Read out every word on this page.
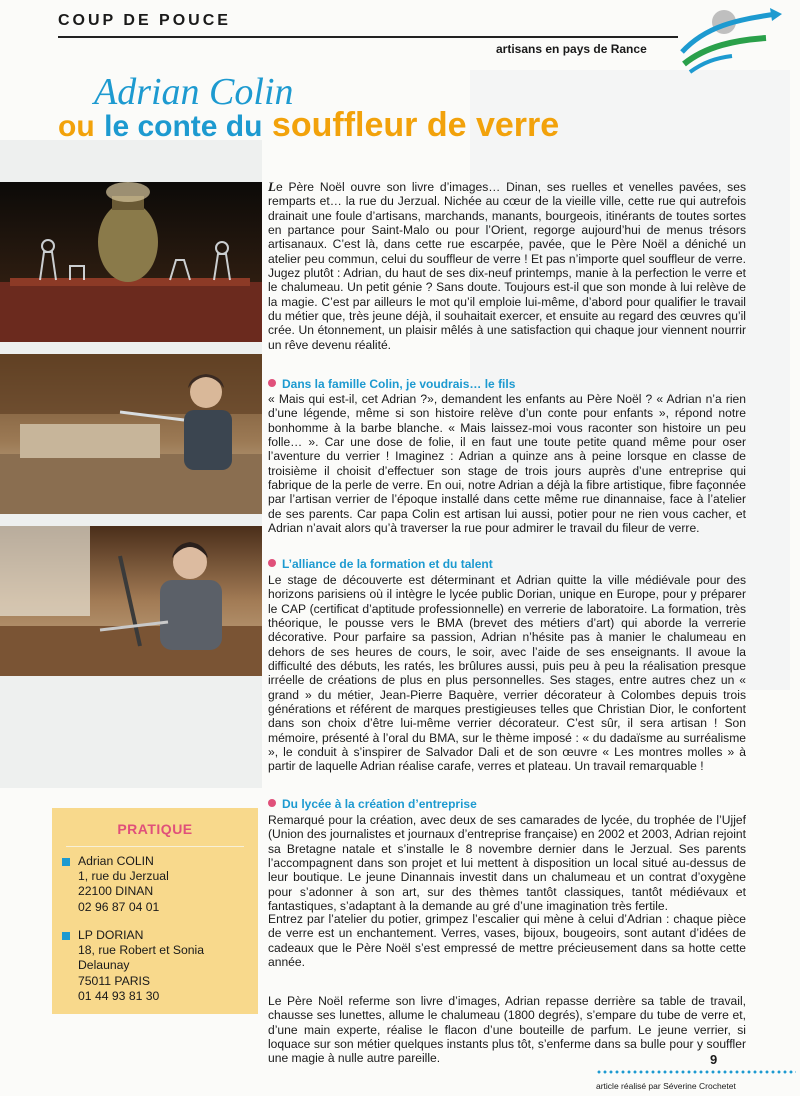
COUP DE POUCE
artisans en pays de Rance
Adrian Colin
ou le conte du souffleur de verre

Le Père Noël ouvre son livre d’images… Dinan, ses ruelles et venelles pavées, ses remparts et… la rue du Jerzual. Nichée au cœur de la vieille ville, cette rue qui autrefois drainait une foule d’artisans, marchands, manants, bourgeois, itinérants de toutes sortes en partance pour Saint-Malo ou pour l’Orient, regorge aujourd’hui de menus trésors artisanaux. C’est là, dans cette rue escarpée, pavée, que le Père Noël a déniché un atelier peu commun, celui du souffleur de verre ! Et pas n’importe quel souffleur de verre. Jugez plutôt : Adrian, du haut de ses dix-neuf printemps, manie à la perfection le verre et le chalumeau. Un petit génie ? Sans doute. Toujours est-il que son monde à lui relève de la magie. C’est par ailleurs le mot qu’il emploie lui-même, d’abord pour qualifier le travail du métier que, très jeune déjà, il souhaitait exercer, et ensuite au regard des œuvres qu’il crée. Un étonnement, un plaisir mêlés à une satisfaction qui chaque jour viennent nourrir un rêve devenu réalité.

Dans la famille Colin, je voudrais… le fils

« Mais qui est-il, cet Adrian ?», demandent les enfants au Père Noël ? « Adrian n’a rien d’une légende, même si son histoire relève d’un conte pour enfants », répond notre bonhomme à la barbe blanche. « Mais laissez-moi vous raconter son histoire un peu folle… ». Car une dose de folie, il en faut une toute petite quand même pour oser l’aventure du verrier ! Imaginez : Adrian a quinze ans à peine lorsque en classe de troisième il choisit d’effectuer son stage de trois jours auprès d’une entreprise qui fabrique de la perle de verre. En oui, notre Adrian a déjà la fibre artistique, fibre façonnée par l’artisan verrier de l’époque installé dans cette même rue dinannaise, face à l’atelier de ses parents. Car papa Colin est artisan lui aussi, potier pour ne rien vous cacher, et Adrian n’avait alors qu’à traverser la rue pour admirer le travail du fileur de verre.

L’alliance de la formation et du talent

Le stage de découverte est déterminant et Adrian quitte la ville médiévale pour des horizons parisiens où il intègre le lycée public Dorian, unique en Europe, pour y préparer le CAP (certificat d’aptitude professionnelle) en verrerie de laboratoire. La formation, très théorique, le pousse vers le BMA (brevet des métiers d’art) qui aborde la verrerie décorative. Pour parfaire sa passion, Adrian n’hésite pas à manier le chalumeau en dehors de ses heures de cours, le soir, avec l’aide de ses enseignants. Il avoue la difficulté des débuts, les ratés, les brûlures aussi, puis peu à peu la réalisation presque irréelle de créations de plus en plus personnelles. Ses stages, entre autres chez un « grand » du métier, Jean-Pierre Baquère, verrier décorateur à Colombes depuis trois générations et référent de marques prestigieuses telles que Christian Dior, le confortent dans son choix d’être lui-même verrier décorateur. C’est sûr, il sera artisan ! Son mémoire, présenté à l’oral du BMA, sur le thème imposé : « du dadaïsme au surréalisme », le conduit à s’inspirer de Salvador Dali et de son œuvre « Les montres molles » à partir de laquelle Adrian réalise carafe, verres et plateau. Un travail remarquable !

Du lycée à la création d’entreprise

Remarqué pour la création, avec deux de ses camarades de lycée, du trophée de l’Ujjef (Union des journalistes et journaux d’entreprise française) en 2002 et 2003, Adrian rejoint sa Bretagne natale et s’installe le 8 novembre dernier dans le Jerzual. Ses parents l’accompagnent dans son projet et lui mettent à disposition un local situé au-dessus de leur boutique. Le jeune Dinannais investit dans un chalumeau et un contrat d’oxygène pour s’adonner à son art, sur des thèmes tantôt classiques, tantôt médiévaux et fantastiques, s’adaptant à la demande au gré d’une imagination très fertile.

Entrez par l’atelier du potier, grimpez l’escalier qui mène à celui d’Adrian : chaque pièce de verre est un enchantement. Verres, vases, bijoux, bougeoirs, sont autant d’idées de cadeaux que le Père Noël s’est empressé de mettre précieusement dans sa hotte cette année.

Le Père Noël referme son livre d’images, Adrian repasse derrière sa table de travail, chausse ses lunettes, allume le chalumeau (1800 degrés), s’empare du tube de verre et, d’une main experte, réalise le flacon d’une bouteille de parfum. Le jeune verrier, si loquace sur son métier quelques instants plus tôt, s’enferme dans sa bulle pour y souffler une magie à nulle autre pareille.

PRATIQUE
Adrian COLIN
1, rue du Jerzual
22100 DINAN
02 96 87 04 01
LP DORIAN
18, rue Robert et Sonia
Delaunay
75011 PARIS
01 44 93 81 30
9
article réalisé par Séverine Crochetet
